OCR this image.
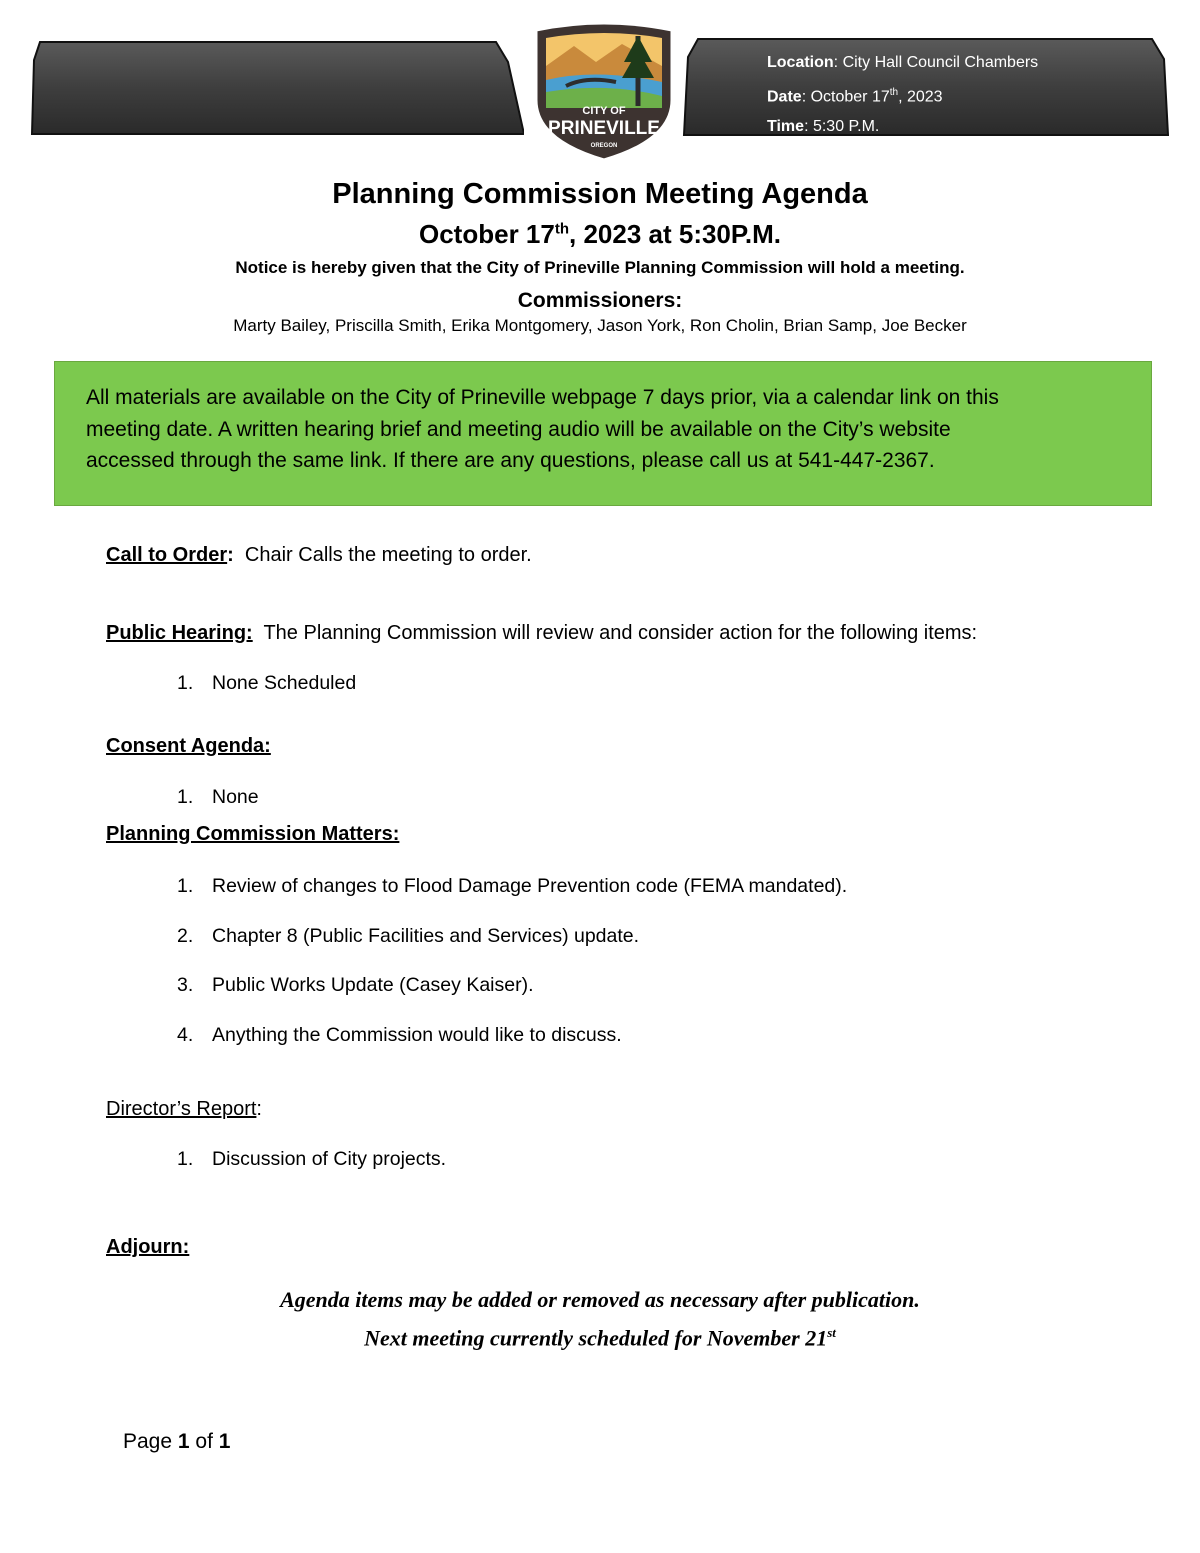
Location: City Hall Council Chambers
Date: October 17th, 2023
Time: 5:30 P.M.
CITY OF
PRINEVILLE
OREGON
Planning Commission Meeting Agenda
October 17th, 2023 at 5:30P.M.
Notice is hereby given that the City of Prineville Planning Commission will hold a meeting.
Commissioners:
Marty Bailey, Priscilla Smith, Erika Montgomery, Jason York, Ron Cholin, Brian Samp, Joe Becker
All materials are available on the City of Prineville webpage 7 days prior, via a calendar link on this
meeting date. A written hearing brief and meeting audio will be available on the City’s website
accessed through the same link. If there are any questions, please call us at 541-447-2367.
Call to Order:  Chair Calls the meeting to order.
Public Hearing:  The Planning Commission will review and consider action for the following items:
1. None Scheduled
Consent Agenda:
1. None
Planning Commission Matters:
1. Review of changes to Flood Damage Prevention code (FEMA mandated).
2. Chapter 8 (Public Facilities and Services) update.
3. Public Works Update (Casey Kaiser).
4. Anything the Commission would like to discuss.
Director’s Report:
1. Discussion of City projects.
Adjourn:
Agenda items may be added or removed as necessary after publication.
Next meeting currently scheduled for November 21st
Page 1 of 1
